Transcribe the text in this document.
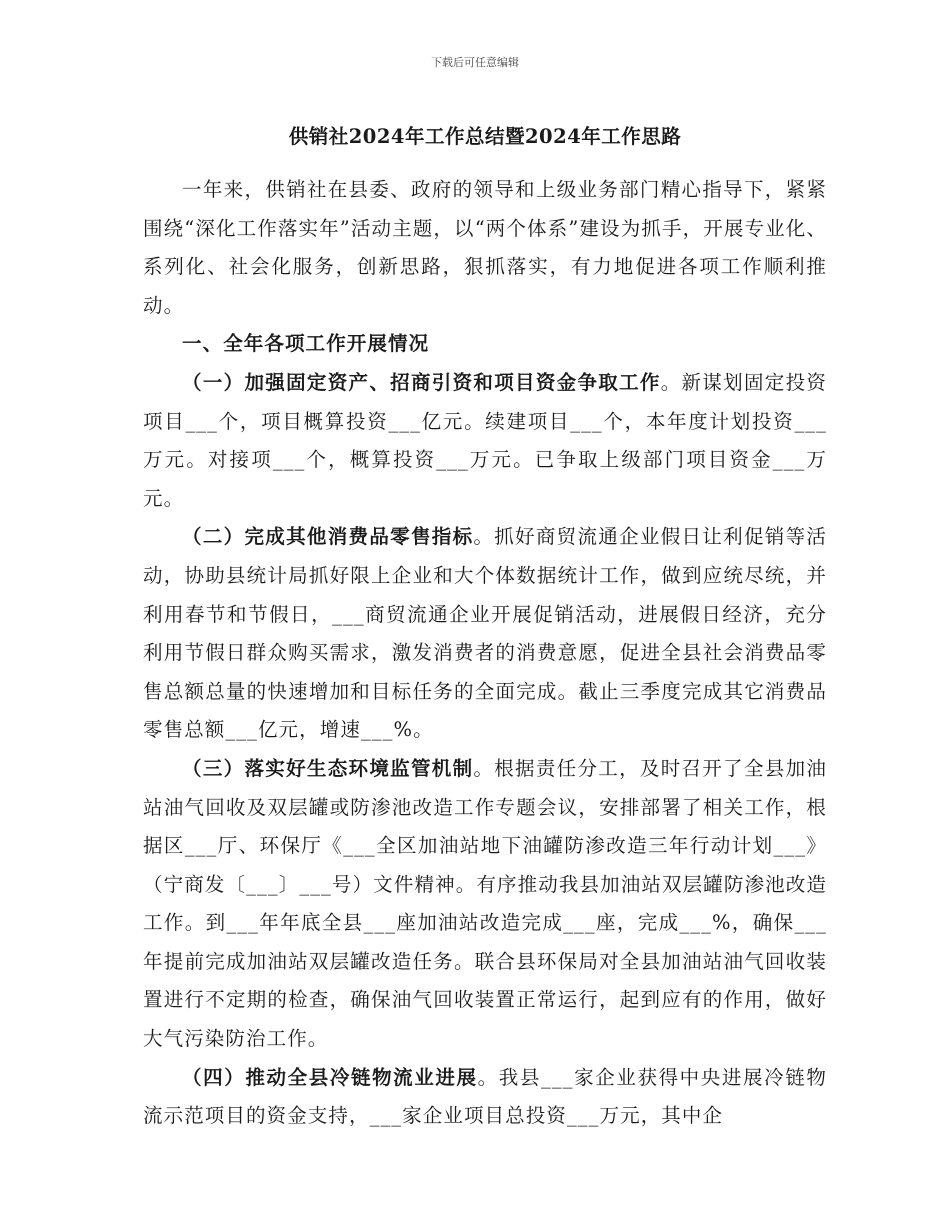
下载后可任意编辑
供销社2024年工作总结暨2024年工作思路

一年来，供销社在县委、政府的领导和上级业务部门精心指导下，紧紧围绕“深化工作落实年”活动主题，以“两个体系”建设为抓手，开展专业化、系列化、社会化服务，创新思路，狠抓落实，有力地促进各项工作顺利推动。

一、全年各项工作开展情况

（一）加强固定资产、招商引资和项目资金争取工作。新谋划固定投资项目___个，项目概算投资___亿元。续建项目___个，本年度计划投资___万元。对接项___个，概算投资___万元。已争取上级部门项目资金___万元。

（二）完成其他消费品零售指标。抓好商贸流通企业假日让利促销等活动，协助县统计局抓好限上企业和大个体数据统计工作，做到应统尽统，并利用春节和节假日，___商贸流通企业开展促销活动，进展假日经济，充分利用节假日群众购买需求，激发消费者的消费意愿，促进全县社会消费品零售总额总量的快速增加和目标任务的全面完成。截止三季度完成其它消费品零售总额___亿元，增速___%。

（三）落实好生态环境监管机制。根据责任分工，及时召开了全县加油站油气回收及双层罐或防渗池改造工作专题会议，安排部署了相关工作，根据区___厅、环保厅《___全区加油站地下油罐防渗改造三年行动计划___》（宁商发〔___〕___号）文件精神。有序推动我县加油站双层罐防渗池改造工作。到___年年底全县___座加油站改造完成___座，完成___%，确保___年提前完成加油站双层罐改造任务。联合县环保局对全县加油站油气回收装置进行不定期的检查，确保油气回收装置正常运行，起到应有的作用，做好大气污染防治工作。

（四）推动全县冷链物流业进展。我县___家企业获得中央进展冷链物流示范项目的资金支持，___家企业项目总投资___万元，其中企
